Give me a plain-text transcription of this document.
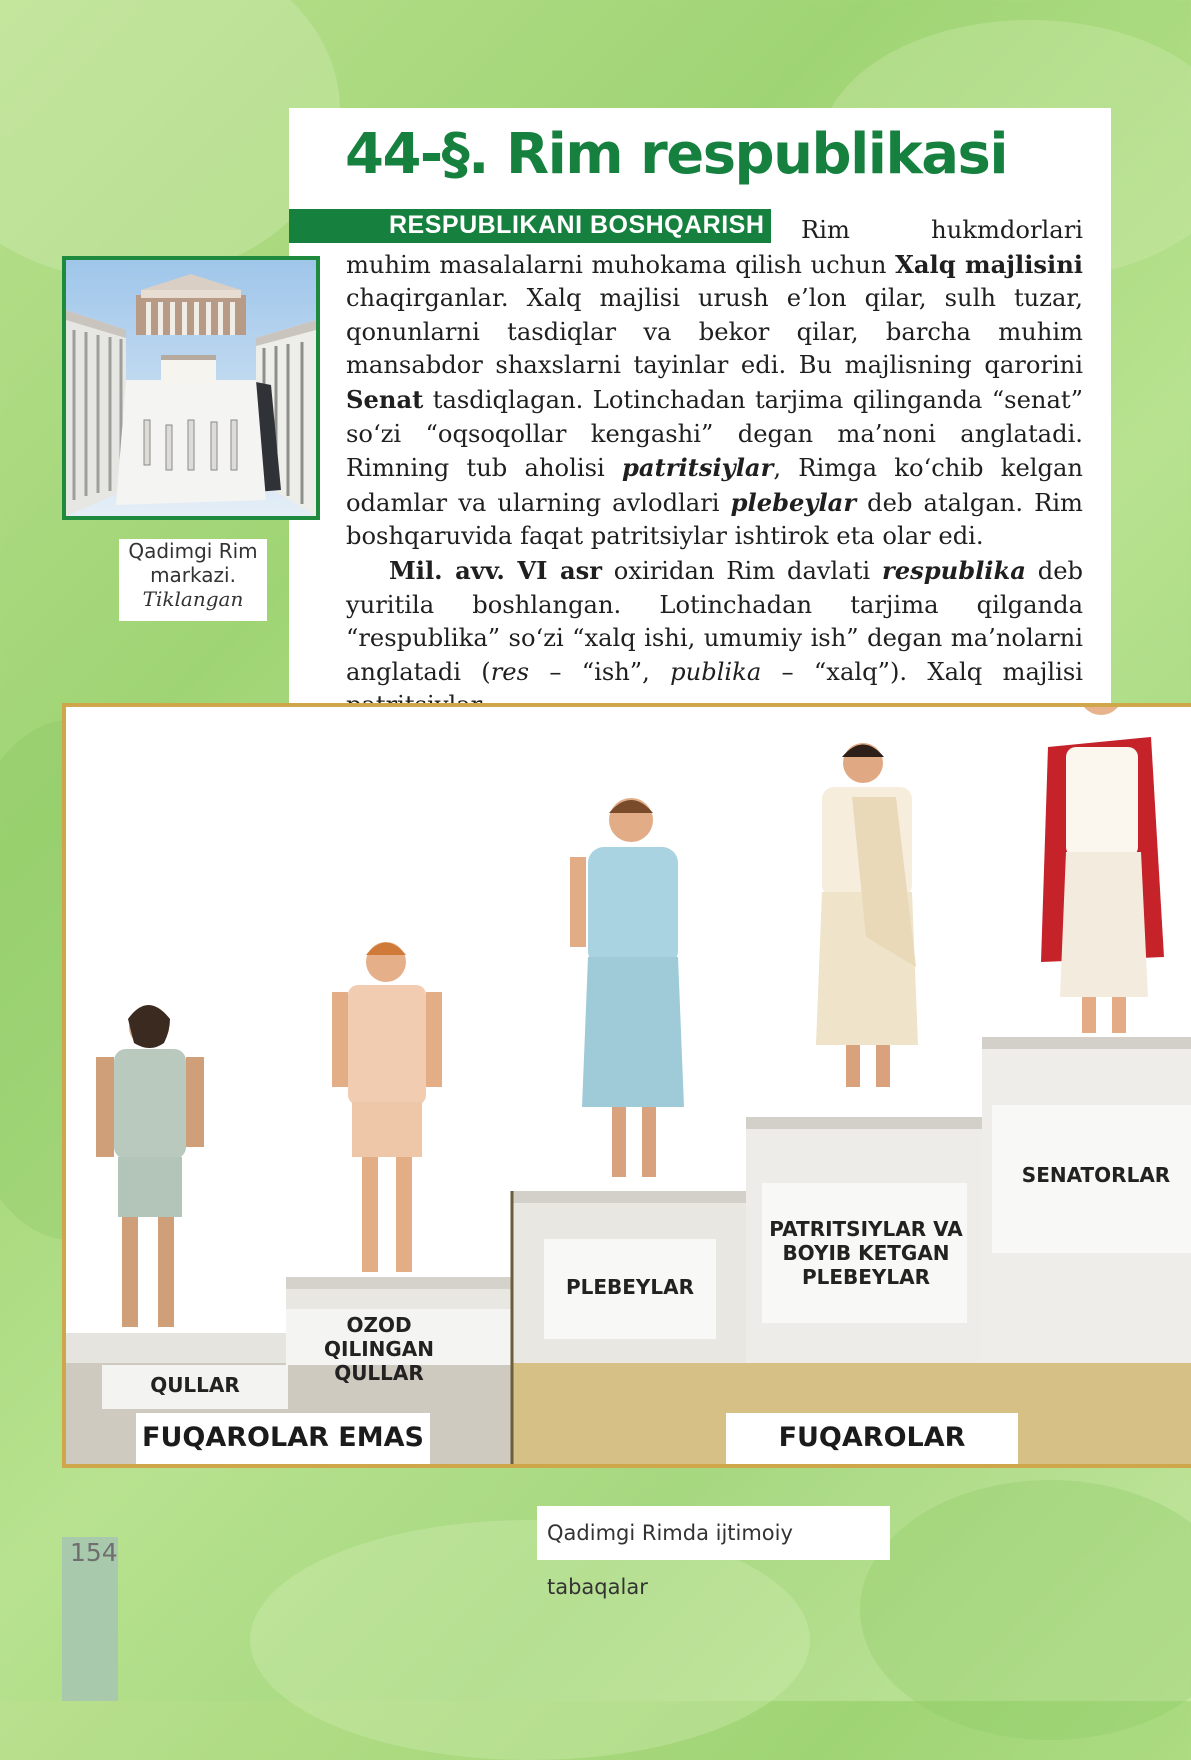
44-§. Rim respublikasi
RESPUBLIKANI BOSHQARISH
Qadimgi Rim
markazi.
Tiklangan

Rim hukmdorlari muhim masalalarni muhokama qilish uchun Xalq majlisini chaqirganlar. Xalq majlisi urush e’lon qilar, sulh tuzar, qonunlarni tasdiqlar va bekor qilar, barcha muhim mansabdor shaxslarni tayinlar edi. Bu majlisning qarorini Senat tasdiqlagan. Lotinchadan tarjima qilinganda “senat” so‘zi “oqsoqollar kengashi” degan ma’noni anglatadi. Rimning tub aholisi patritsiylar, Rimga ko‘chib kelgan odamlar va ularning avlodlari plebeylar deb atalgan. Rim boshqaruvida faqat patritsiylar ishtirok eta olar edi.

Mil. avv. VI asr oxiridan Rim davlati respublika deb yuritila boshlangan. Lotinchadan tarjima qilganda “respublika” so‘zi “xalq ishi, umumiy ish” degan ma’nolarni anglatadi (res – “ish”, publika – “xalq”). Xalq majlisi

QULLAR
OZOD QILINGAN QULLAR
PLEBEYLAR
PATRITSIYLAR VA BOYIB KETGAN PLEBEYLAR
SENATORLAR
FUQAROLAR EMAS	FUQAROLAR
Qadimgi Rimda ijtimoiy tabaqalar
154
